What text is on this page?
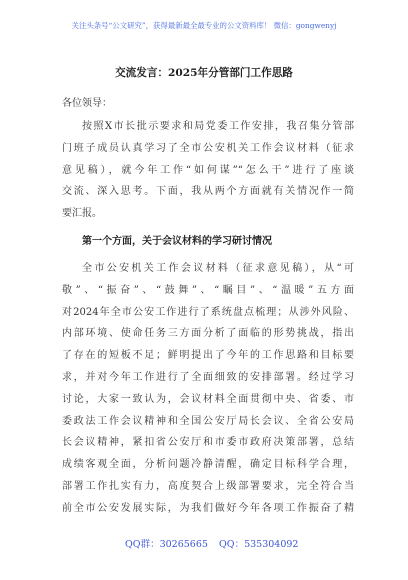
关注头条号“公文研究”，获得最新最全最专业的公文资料库！ 微信：gongwenyj
交流发言：2025年分管部门工作思路
各位领导：
按照X市长批示要求和局党委工作安排，我召集分管部
门班子成员认真学习了全市公安机关工作会议材料（征求
意见稿），就今年工作“如何谋”“怎么干”进行了座谈
交流、深入思考。下面，我从两个方面就有关情况作一简
要汇报。
第一个方面，关于会议材料的学习研讨情况
全市公安机关工作会议材料（征求意见稿），从“可
敬”、“振奋”、“鼓舞”、“瞩目”、“温暖”五方面
对2024年全市公安工作进行了系统盘点梳理；从涉外风险、
内部环境、使命任务三方面分析了面临的形势挑战，指出
了存在的短板不足；鲜明提出了今年的工作思路和目标要
求，并对今年工作进行了全面细致的安排部署。经过学习
讨论，大家一致认为，会议材料全面贯彻中央、省委、市
委政法工作会议精神和全国公安厅局长会议、全省公安局
长会议精神，紧扣省公安厅和市委市政府决策部署，总结
成绩客观全面，分析问题冷静清醒，确定目标科学合理，
部署工作扎实有力，高度契合上级部署要求，完全符合当
前全市公安发展实际，为我们做好今年各项工作振奋了精
QQ群：30265665 QQ：535304092
